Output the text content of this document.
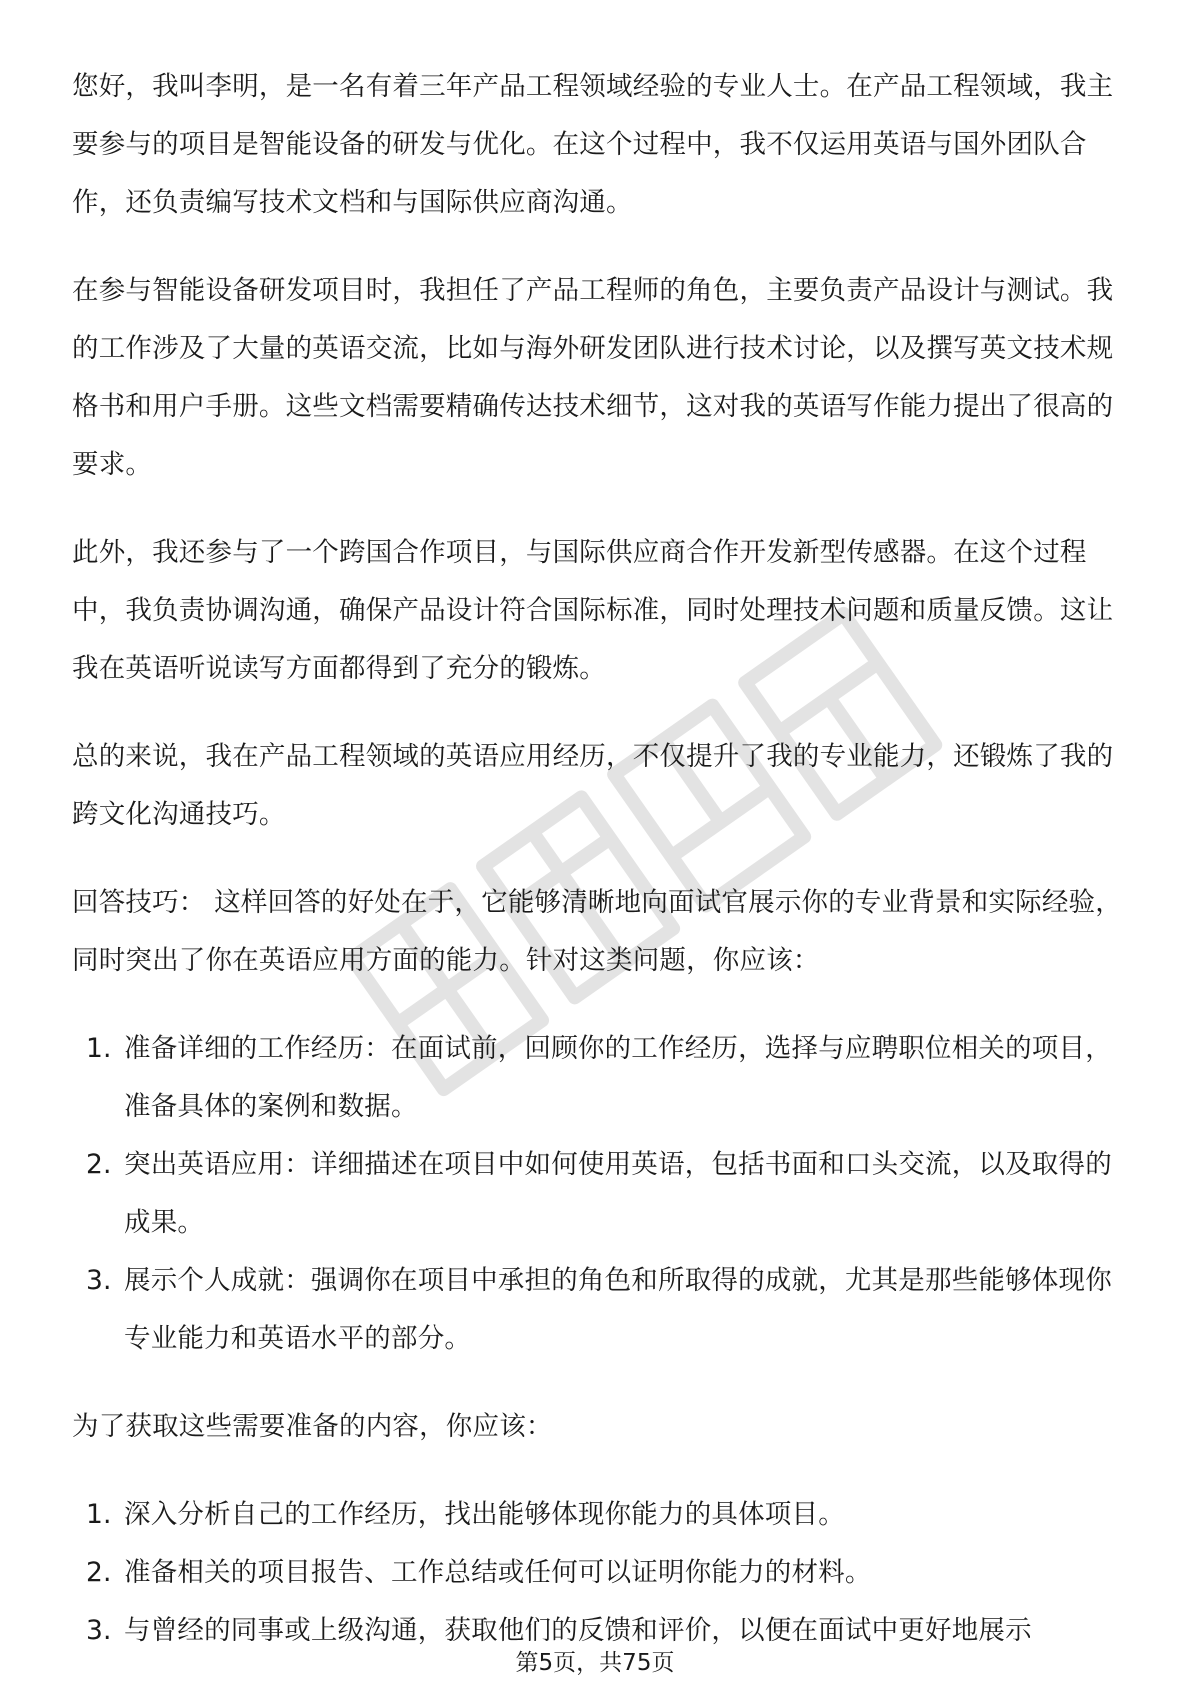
您好，我叫李明，是一名有着三年产品工程领域经验的专业人士。在产品工程领域，我主要参与的项目是智能设备的研发与优化。在这个过程中，我不仅运用英语与国外团队合作，还负责编写技术文档和与国际供应商沟通。

在参与智能设备研发项目时，我担任了产品工程师的角色，主要负责产品设计与测试。我的工作涉及了大量的英语交流，比如与海外研发团队进行技术讨论，以及撰写英文技术规格书和用户手册。这些文档需要精确传达技术细节，这对我的英语写作能力提出了很高的要求。

此外，我还参与了一个跨国合作项目，与国际供应商合作开发新型传感器。在这个过程中，我负责协调沟通，确保产品设计符合国际标准，同时处理技术问题和质量反馈。这让我在英语听说读写方面都得到了充分的锻炼。

总的来说，我在产品工程领域的英语应用经历，不仅提升了我的专业能力，还锻炼了我的跨文化沟通技巧。

回答技巧： 这样回答的好处在于，它能够清晰地向面试官展示你的专业背景和实际经验，同时突出了你在英语应用方面的能力。针对这类问题，你应该：

1. 准备详细的工作经历：在面试前，回顾你的工作经历，选择与应聘职位相关的项目，准备具体的案例和数据。
2. 突出英语应用：详细描述在项目中如何使用英语，包括书面和口头交流，以及取得的成果。
3. 展示个人成就：强调你在项目中承担的角色和所取得的成就，尤其是那些能够体现你专业能力和英语水平的部分。

为了获取这些需要准备的内容，你应该：

1. 深入分析自己的工作经历，找出能够体现你能力的具体项目。
2. 准备相关的项目报告、工作总结或任何可以证明你能力的材料。
3. 与曾经的同事或上级沟通，获取他们的反馈和评价，以便在面试中更好地展示
第5页，共75页
